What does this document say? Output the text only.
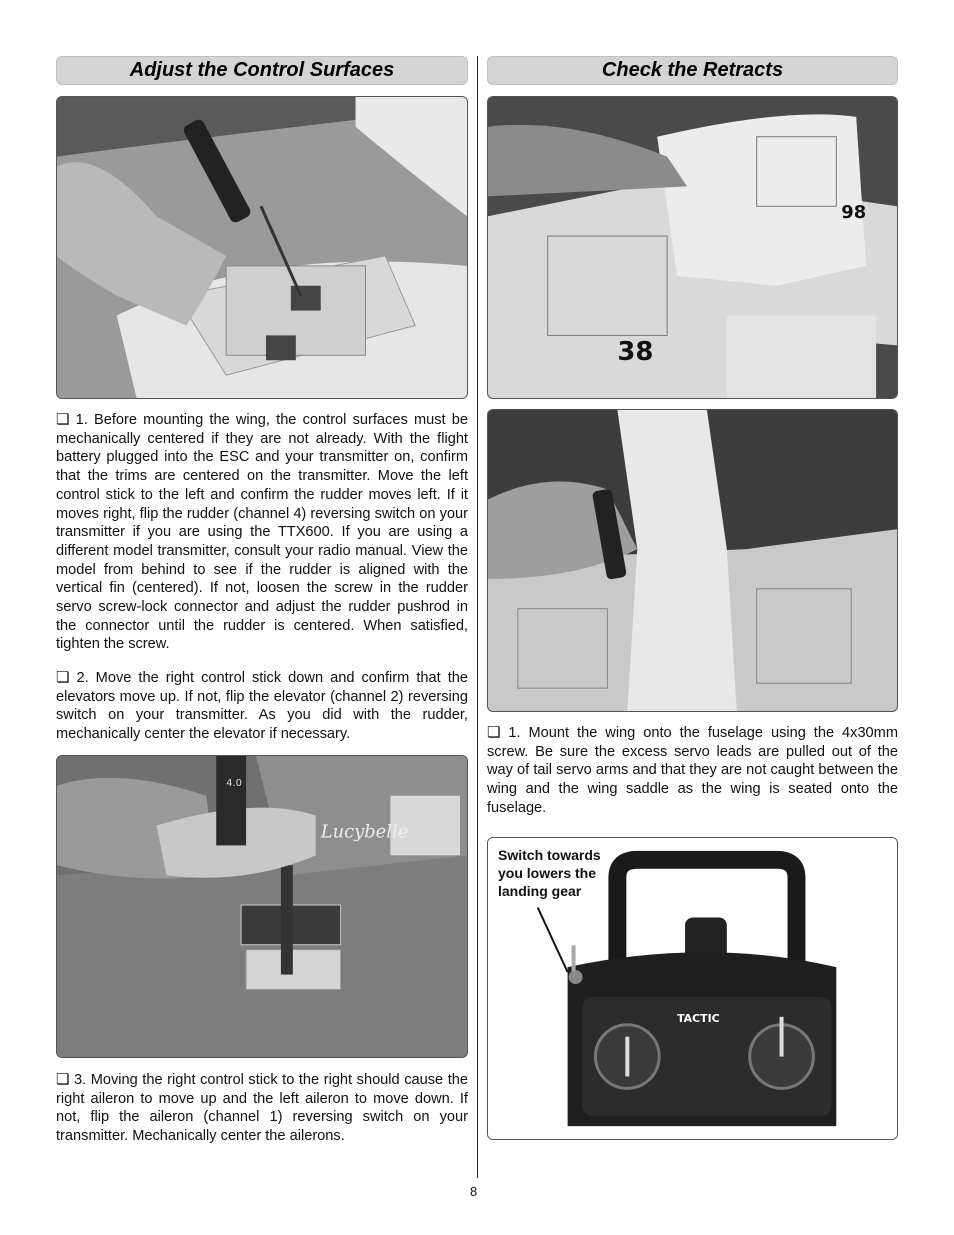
Adjust the Control Surfaces

❏ 1. Before mounting the wing, the control surfaces must be mechanically centered if they are not already. With the flight battery plugged into the ESC and your transmitter on, confirm that the trims are centered on the transmitter. Move the left control stick to the left and confirm the rudder moves left. If it moves right, flip the rudder (channel 4) reversing switch on your transmitter if you are using the TTX600. If you are using a different model transmitter, consult your radio manual. View the model from behind to see if the rudder is aligned with the vertical fin (centered). If not, loosen the screw in the rudder servo screw-lock connector and adjust the rudder pushrod in the connector until the rudder is centered. When satisfied, tighten the screw.

❏ 2. Move the right control stick down and confirm that the elevators move up. If not, flip the elevator (channel 2) reversing switch on your transmitter. As you did with the rudder, mechanically center the elevator if necessary.

Lucybelle
4.0

❏ 3. Moving the right control stick to the right should cause the right aileron to move up and the left aileron to move down. If not, flip the aileron (channel 1) reversing switch on your transmitter. Mechanically center the ailerons.

Check the Retracts
38
98

❏ 1. Mount the wing onto the fuselage using the 4x30mm screw. Be sure the excess servo leads are pulled out of the way of tail servo arms and that they are not caught between the wing and the wing saddle as the wing is seated onto the fuselage.

TACTIC
Switch towards
you lowers the
landing gear
8
